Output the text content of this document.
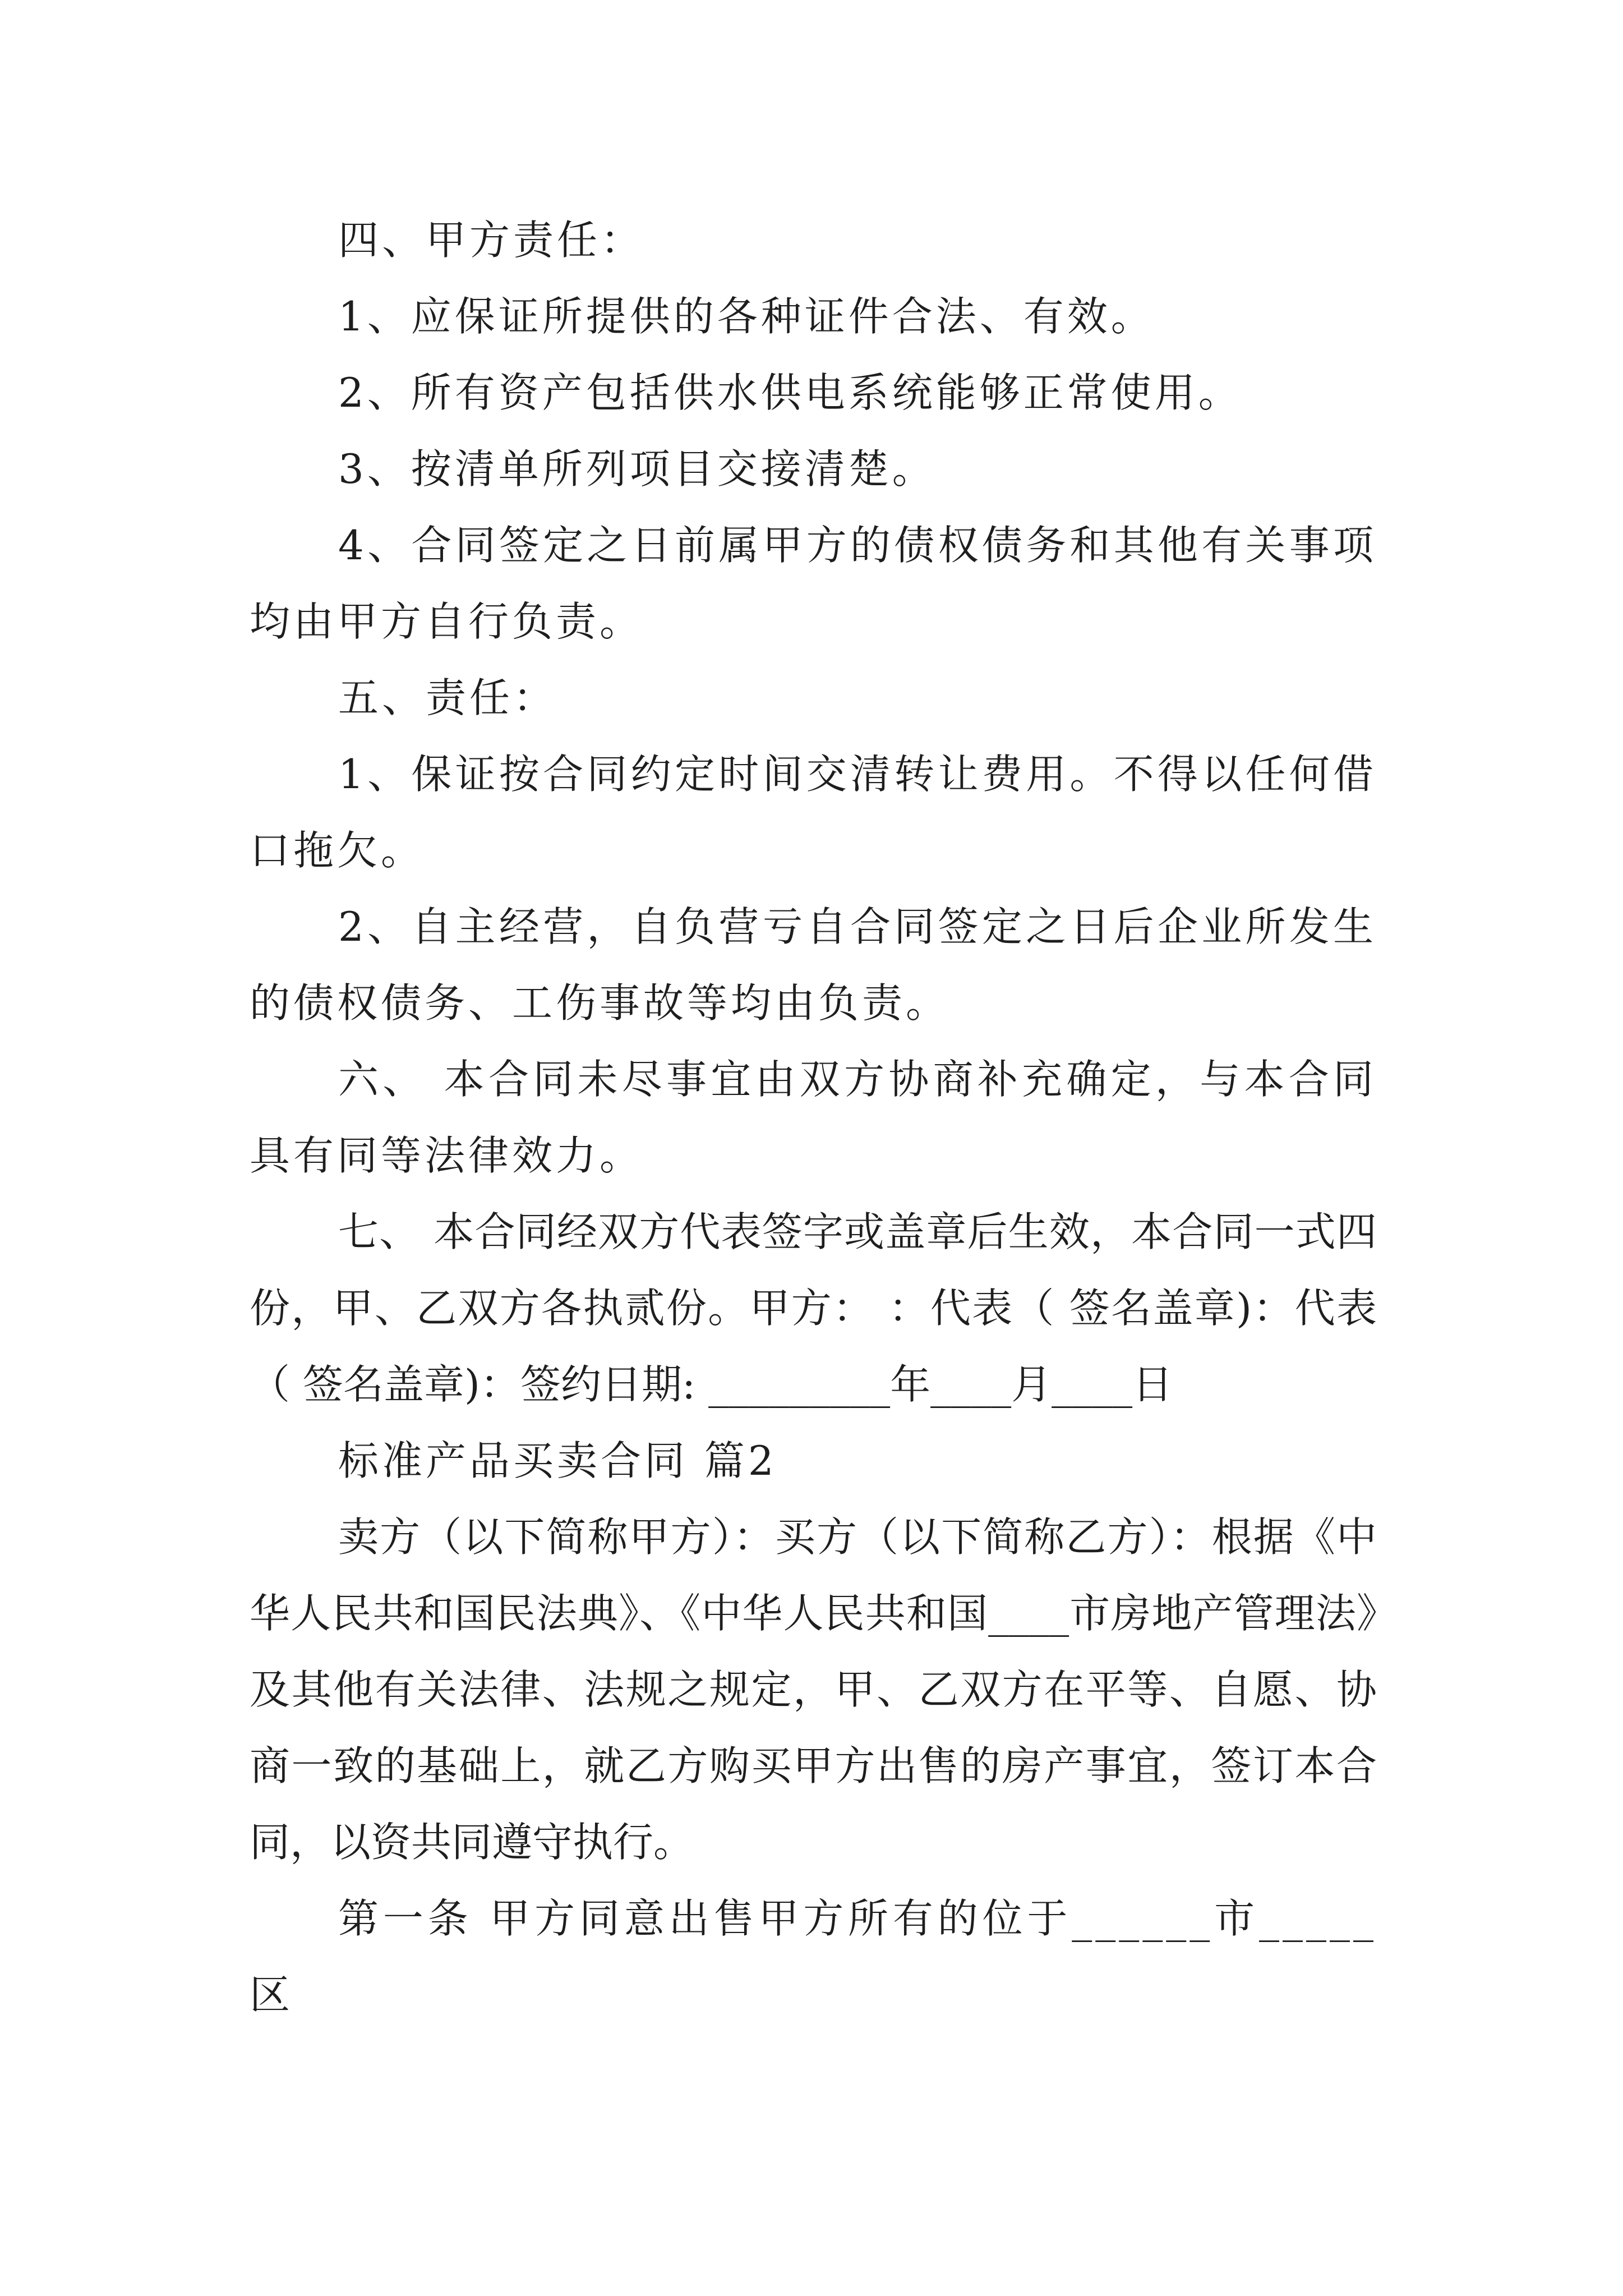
四、甲方责任：

1、应保证所提供的各种证件合法、有效。

2、所有资产包括供水供电系统能够正常使用。

3、按清单所列项目交接清楚。

4、合同签定之日前属甲方的债权债务和其他有关事项均由甲方自行负责。

五、责任：

1、保证按合同约定时间交清转让费用。不得以任何借口拖欠。

2、自主经营，自负营亏自合同签定之日后企业所发生的债权债务、工伤事故等均由负责。

六、 本合同未尽事宜由双方协商补充确定，与本合同具有同等法律效力。

七、 本合同经双方代表签字或盖章后生效，本合同一式四份，甲、乙双方各执贰份。甲方： ：代表（ 签名盖章)：代表（ 签名盖章)：签约日期: _________年____月____日

标准产品买卖合同 篇2

卖方（以下简称甲方）：买方（以下简称乙方）：根据《中华人民共和国民法典》、《中华人民共和国____市房地产管理法》及其他有关法律、法规之规定，甲、乙双方在平等、自愿、协商一致的基础上，就乙方购买甲方出售的房产事宜，签订本合同，以资共同遵守执行。

第一条 甲方同意出售甲方所有的位于______市_____区
